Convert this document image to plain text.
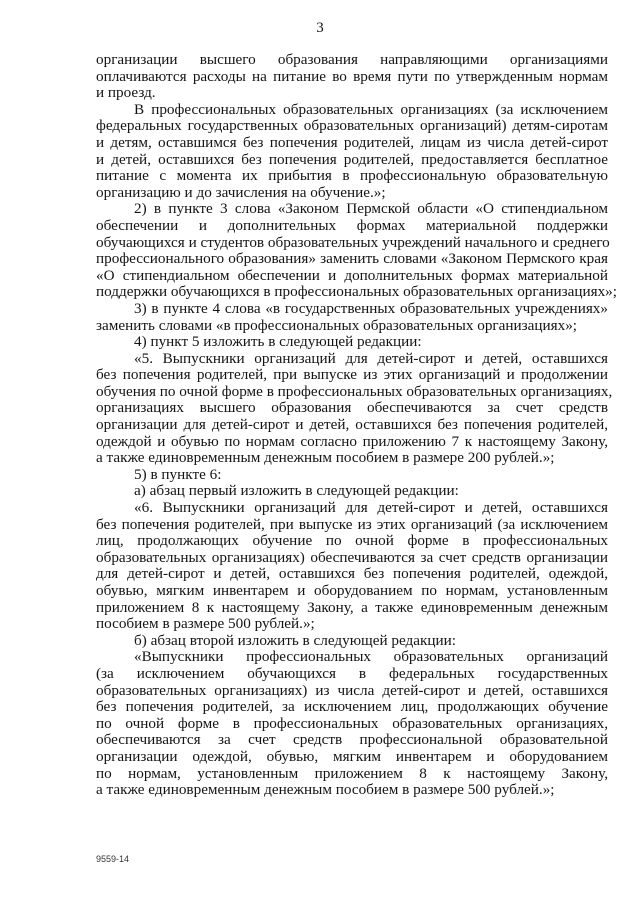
3
организации высшего образования направляющими организациями
оплачиваются расходы на питание во время пути по утвержденным нормам
и проезд.
В профессиональных образовательных организациях (за исключением
федеральных государственных образовательных организаций) детям-сиротам
и детям, оставшимся без попечения родителей, лицам из числа детей-сирот
и детей, оставшихся без попечения родителей, предоставляется бесплатное
питание с момента их прибытия в профессиональную образовательную
организацию и до зачисления на обучение.»;
2) в пункте 3 слова «Законом Пермской области «О стипендиальном
обеспечении и дополнительных формах материальной поддержки
обучающихся и студентов образовательных учреждений начального и среднего
профессионального образования» заменить словами «Законом Пермского края
«О стипендиальном обеспечении и дополнительных формах материальной
поддержки обучающихся в профессиональных образовательных организациях»;
3) в пункте 4 слова «в государственных образовательных учреждениях»
заменить словами «в профессиональных образовательных организациях»;
4) пункт 5 изложить в следующей редакции:
«5. Выпускники организаций для детей-сирот и детей, оставшихся
без попечения родителей, при выпуске из этих организаций и продолжении
обучения по очной форме в профессиональных образовательных организациях,
организациях высшего образования обеспечиваются за счет средств
организации для детей-сирот и детей, оставшихся без попечения родителей,
одеждой и обувью по нормам согласно приложению 7 к настоящему Закону,
а также единовременным денежным пособием в размере 200 рублей.»;
5) в пункте 6:
а) абзац первый изложить в следующей редакции:
«6. Выпускники организаций для детей-сирот и детей, оставшихся
без попечения родителей, при выпуске из этих организаций (за исключением
лиц, продолжающих обучение по очной форме в профессиональных
образовательных организациях) обеспечиваются за счет средств организации
для детей-сирот и детей, оставшихся без попечения родителей, одеждой,
обувью, мягким инвентарем и оборудованием по нормам, установленным
приложением 8 к настоящему Закону, а также единовременным денежным
пособием в размере 500 рублей.»;
б) абзац второй изложить в следующей редакции:
«Выпускники профессиональных образовательных организаций
(за исключением обучающихся в федеральных государственных
образовательных организациях) из числа детей-сирот и детей, оставшихся
без попечения родителей, за исключением лиц, продолжающих обучение
по очной форме в профессиональных образовательных организациях,
обеспечиваются за счет средств профессиональной образовательной
организации одеждой, обувью, мягким инвентарем и оборудованием
по нормам, установленным приложением 8 к настоящему Закону,
а также единовременным денежным пособием в размере 500 рублей.»;
9559-14
